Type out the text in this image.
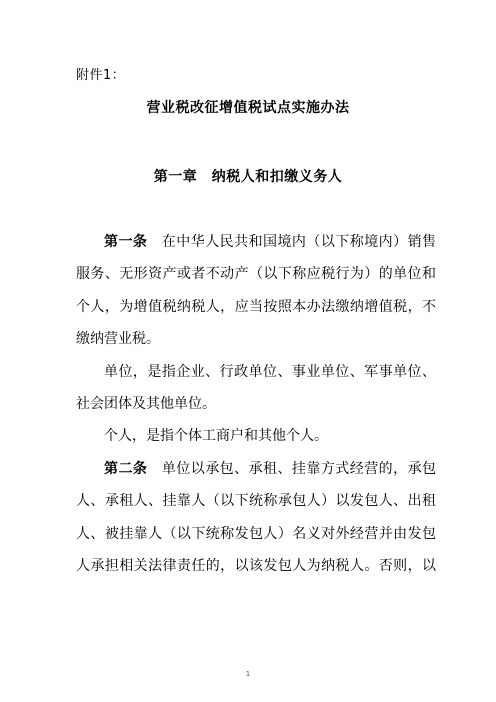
附件1：
营业税改征增值税试点实施办法
第一章　纳税人和扣缴义务人
第一条　 在中华人民共和国境内（以下称境内）销售
服务、无形资产或者不动产（以下称应税行为）的单位和
个人，为增值税纳税人，应当按照本办法缴纳增值税，不
缴纳营业税。
单位，是指企业、行政单位、事业单位、军事单位、
社会团体及其他单位。
个人，是指个体工商户和其他个人。
第二条　 单位以承包、承租、挂靠方式经营的，承包
人、承租人、挂靠人（以下统称承包人）以发包人、出租
人、被挂靠人（以下统称发包人）名义对外经营并由发包
人承担相关法律责任的，以该发包人为纳税人。否则，以
1
